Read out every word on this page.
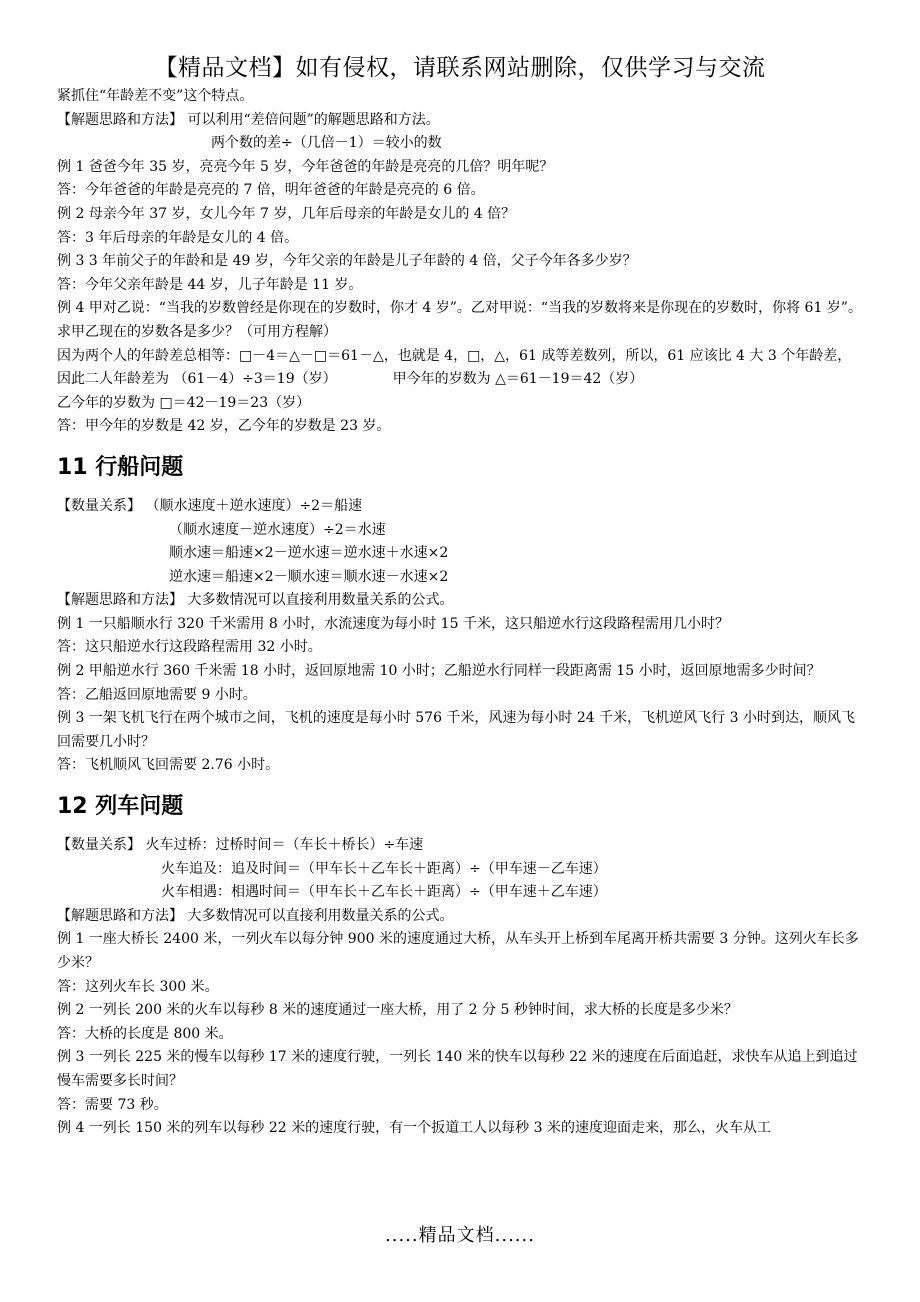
【精品文档】如有侵权，请联系网站删除，仅供学习与交流
紧抓住“年龄差不变”这个特点。
【解题思路和方法】 可以利用“差倍问题”的解题思路和方法。
两个数的差÷（几倍－1）＝较小的数
例 1 爸爸今年 35 岁，亮亮今年 5 岁，今年爸爸的年龄是亮亮的几倍？明年呢？
答：今年爸爸的年龄是亮亮的 7 倍，明年爸爸的年龄是亮亮的 6 倍。
例 2 母亲今年 37 岁，女儿今年 7 岁，几年后母亲的年龄是女儿的 4 倍？
答：3 年后母亲的年龄是女儿的 4 倍。
例 3 3 年前父子的年龄和是 49 岁，今年父亲的年龄是儿子年龄的 4 倍，父子今年各多少岁？
答：今年父亲年龄是 44 岁，儿子年龄是 11 岁。
例 4 甲对乙说：“当我的岁数曾经是你现在的岁数时，你才 4 岁”。乙对甲说：“当我的岁数将来是你现在的岁数时，你将 61 岁”。求甲乙现在的岁数各是多少？（可用方程解）
因为两个人的年龄差总相等：□－4＝△－□＝61－△，也就是 4，□，△，61 成等差数列，所以，61 应该比 4 大 3 个年龄差，
因此二人年龄差为 （61－4）÷3＝19（岁）	甲今年的岁数为 △＝61－19＝42（岁）
乙今年的岁数为 □＝42－19＝23（岁）
答：甲今年的岁数是 42 岁，乙今年的岁数是 23 岁。
11 行船问题
【数量关系】 （顺水速度＋逆水速度）÷2＝船速
（顺水速度－逆水速度）÷2＝水速
顺水速＝船速×2－逆水速＝逆水速＋水速×2
逆水速＝船速×2－顺水速＝顺水速－水速×2
【解题思路和方法】 大多数情况可以直接利用数量关系的公式。
例 1 一只船顺水行 320 千米需用 8 小时，水流速度为每小时 15 千米，这只船逆水行这段路程需用几小时？
答：这只船逆水行这段路程需用 32 小时。
例 2 甲船逆水行 360 千米需 18 小时，返回原地需 10 小时；乙船逆水行同样一段距离需 15 小时，返回原地需多少时间？
答：乙船返回原地需要 9 小时。
例 3 一架飞机飞行在两个城市之间，飞机的速度是每小时 576 千米，风速为每小时 24 千米，飞机逆风飞行 3 小时到达，顺风飞回需要几小时？
答：飞机顺风飞回需要 2.76 小时。
12 列车问题
【数量关系】 火车过桥：过桥时间＝（车长＋桥长）÷车速
火车追及：追及时间＝（甲车长＋乙车长＋距离）÷（甲车速－乙车速）
火车相遇：相遇时间＝（甲车长＋乙车长＋距离）÷（甲车速＋乙车速）
【解题思路和方法】 大多数情况可以直接利用数量关系的公式。
例 1 一座大桥长 2400 米，一列火车以每分钟 900 米的速度通过大桥，从车头开上桥到车尾离开桥共需要 3 分钟。这列火车长多少米？
答：这列火车长 300 米。
例 2 一列长 200 米的火车以每秒 8 米的速度通过一座大桥，用了 2 分 5 秒钟时间，求大桥的长度是多少米？
答：大桥的长度是 800 米。
例 3 一列长 225 米的慢车以每秒 17 米的速度行驶，一列长 140 米的快车以每秒 22 米的速度在后面追赶，求快车从追上到追过慢车需要多长时间？
答：需要 73 秒。
例 4 一列长 150 米的列车以每秒 22 米的速度行驶，有一个扳道工人以每秒 3 米的速度迎面走来，那么，火车从工
.....精品文档......
